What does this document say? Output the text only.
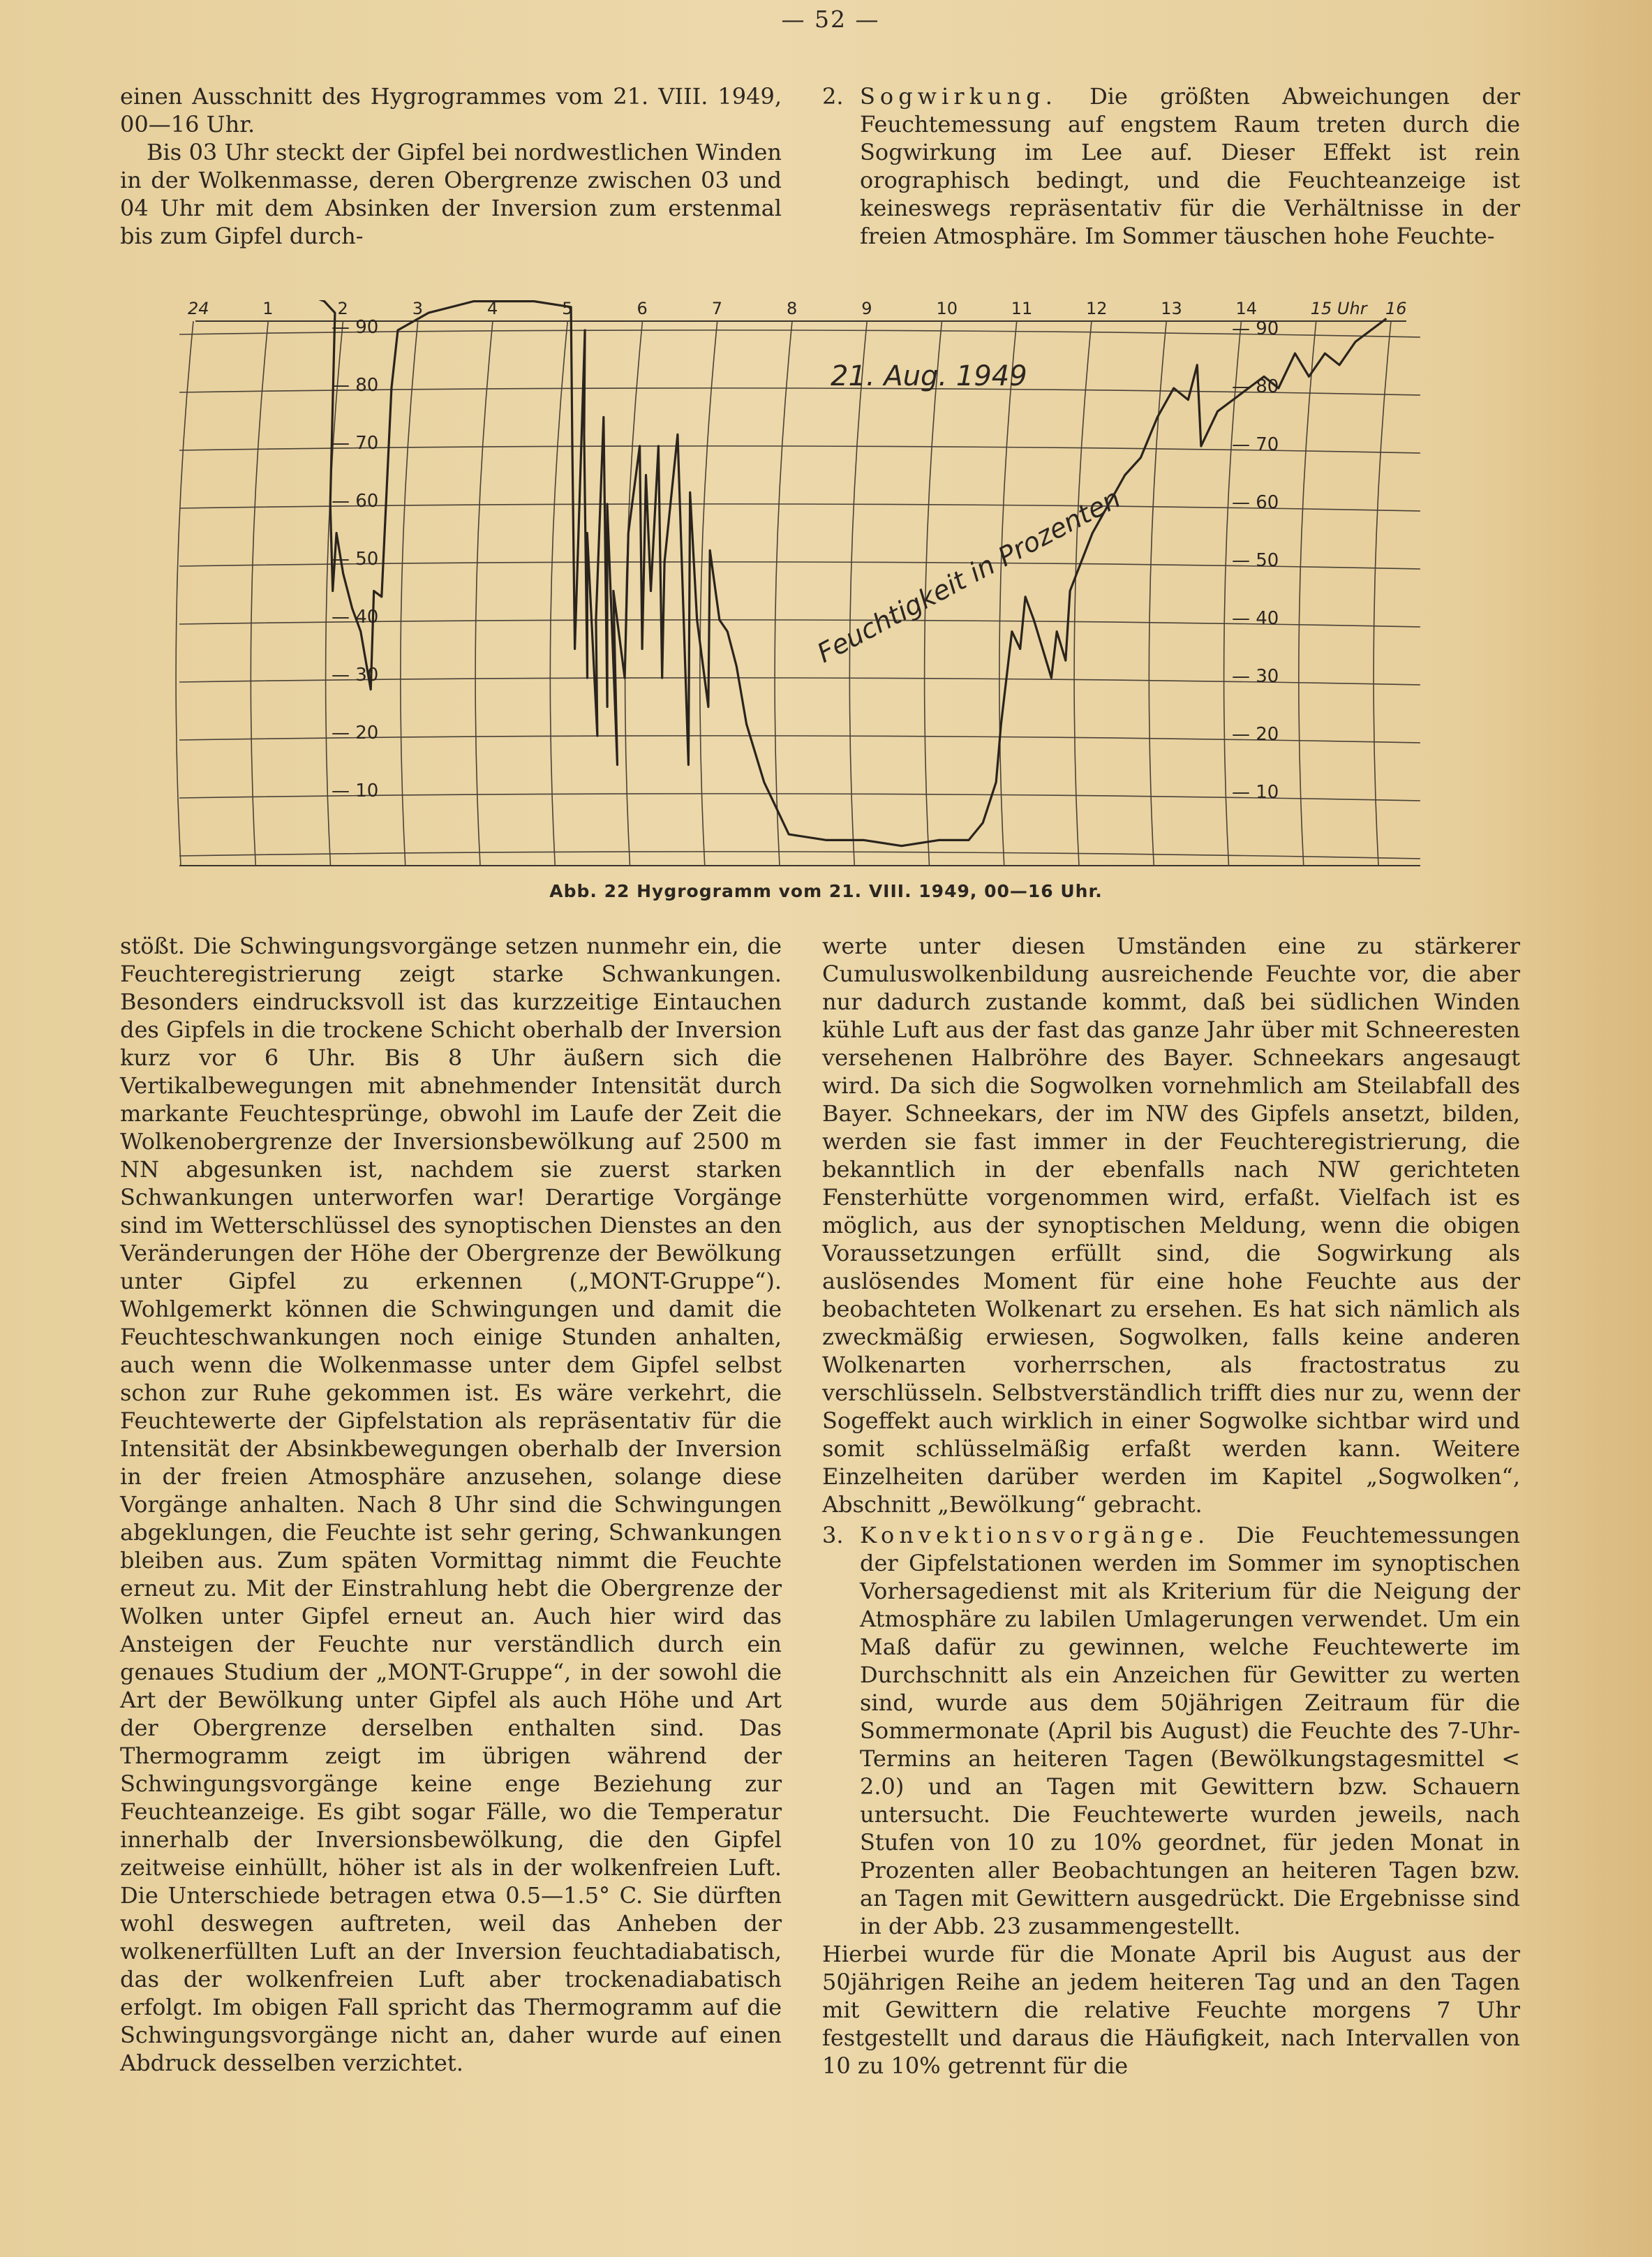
— 52 —

einen Ausschnitt des Hygrogrammes vom 21. VIII. 1949, 00—16 Uhr.

Bis 03 Uhr steckt der Gipfel bei nordwestlichen Winden in der Wolkenmasse, deren Obergrenze zwischen 03 und 04 Uhr mit dem Absinken der Inversion zum erstenmal bis zum Gipfel durch-

2. Sogwirkung. Die größten Abweichungen der Feuchtemessung auf engstem Raum treten durch die Sogwirkung im Lee auf. Dieser Effekt ist rein orographisch bedingt, und die Feuchteanzeige ist keineswegs repräsentativ für die Verhältnisse in der freien Atmosphäre. Im Sommer täuschen hohe Feuchte-
24	1	2	3	4	5	6	7	8	9	10	11	12	13	14	15 Uhr 16
— 90
— 80
— 70
— 60
— 50
— 40
— 30
— 20
— 10
— 90
— 80
— 70
— 60
— 50
— 40
— 30
— 20
— 10
21. Aug. 1949
Feuchtigkeit in Prozenten
Abb. 22 Hygrogramm vom 21. VIII. 1949, 00—16 Uhr.

stößt. Die Schwingungsvorgänge setzen nunmehr ein, die Feuchteregistrierung zeigt starke Schwankungen. Besonders eindrucksvoll ist das kurzzeitige Eintauchen des Gipfels in die trockene Schicht oberhalb der Inversion kurz vor 6 Uhr. Bis 8 Uhr äußern sich die Vertikalbewegungen mit abnehmender Intensität durch markante Feuchtesprünge, obwohl im Laufe der Zeit die Wolkenobergrenze der Inversionsbewölkung auf 2500 m NN abgesunken ist, nachdem sie zuerst starken Schwankungen unterworfen war! Derartige Vorgänge sind im Wetterschlüssel des synoptischen Dienstes an den Veränderungen der Höhe der Obergrenze der Bewölkung unter Gipfel zu erkennen („MONT-Gruppe“). Wohlgemerkt können die Schwingungen und damit die Feuchteschwankungen noch einige Stunden anhalten, auch wenn die Wolkenmasse unter dem Gipfel selbst schon zur Ruhe gekommen ist. Es wäre verkehrt, die Feuchtewerte der Gipfelstation als repräsentativ für die Intensität der Absinkbewegungen oberhalb der Inversion in der freien Atmosphäre anzusehen, solange diese Vorgänge anhalten. Nach 8 Uhr sind die Schwingungen abgeklungen, die Feuchte ist sehr gering, Schwankungen bleiben aus. Zum späten Vormittag nimmt die Feuchte erneut zu. Mit der Einstrahlung hebt die Obergrenze der Wolken unter Gipfel erneut an. Auch hier wird das Ansteigen der Feuchte nur verständlich durch ein genaues Studium der „MONT-Gruppe“, in der sowohl die Art der Bewölkung unter Gipfel als auch Höhe und Art der Obergrenze derselben enthalten sind. Das Thermogramm zeigt im übrigen während der Schwingungsvorgänge keine enge Beziehung zur Feuchteanzeige. Es gibt sogar Fälle, wo die Temperatur innerhalb der Inversionsbewölkung, die den Gipfel zeitweise einhüllt, höher ist als in der wolkenfreien Luft. Die Unterschiede betragen etwa 0.5—1.5° C. Sie dürften wohl deswegen auftreten, weil das Anheben der wolkenerfüllten Luft an der Inversion feuchtadiabatisch, das der wolkenfreien Luft aber trockenadiabatisch erfolgt. Im obigen Fall spricht das Thermogramm auf die Schwingungsvorgänge nicht an, daher wurde auf einen Abdruck desselben verzichtet.

werte unter diesen Umständen eine zu stärkerer Cumuluswolkenbildung ausreichende Feuchte vor, die aber nur dadurch zustande kommt, daß bei südlichen Winden kühle Luft aus der fast das ganze Jahr über mit Schneeresten versehenen Halbröhre des Bayer. Schneekars angesaugt wird. Da sich die Sogwolken vornehmlich am Steilabfall des Bayer. Schneekars, der im NW des Gipfels ansetzt, bilden, werden sie fast immer in der Feuchteregistrierung, die bekanntlich in der ebenfalls nach NW gerichteten Fensterhütte vorgenommen wird, erfaßt. Vielfach ist es möglich, aus der synoptischen Meldung, wenn die obigen Voraussetzungen erfüllt sind, die Sogwirkung als auslösendes Moment für eine hohe Feuchte aus der beobachteten Wolkenart zu ersehen. Es hat sich nämlich als zweckmäßig erwiesen, Sogwolken, falls keine anderen Wolkenarten vorherrschen, als fractostratus zu verschlüsseln. Selbstverständlich trifft dies nur zu, wenn der Sogeffekt auch wirklich in einer Sogwolke sichtbar wird und somit schlüsselmäßig erfaßt werden kann. Weitere Einzelheiten darüber werden im Kapitel „Sogwolken“, Abschnitt „Bewölkung“ gebracht.

3. Konvektionsvorgänge. Die Feuchtemessungen der Gipfelstationen werden im Sommer im synoptischen Vorhersagedienst mit als Kriterium für die Neigung der Atmosphäre zu labilen Umlagerungen verwendet. Um ein Maß dafür zu gewinnen, welche Feuchtewerte im Durchschnitt als ein Anzeichen für Gewitter zu werten sind, wurde aus dem 50jährigen Zeitraum für die Sommermonate (April bis August) die Feuchte des 7-Uhr-Termins an heiteren Tagen (Bewölkungstagesmittel < 2.0) und an Tagen mit Gewittern bzw. Schauern untersucht. Die Feuchtewerte wurden jeweils, nach Stufen von 10 zu 10% geordnet, für jeden Monat in Prozenten aller Beobachtungen an heiteren Tagen bzw. an Tagen mit Gewittern ausgedrückt. Die Ergebnisse sind in der Abb. 23 zusammengestellt.

Hierbei wurde für die Monate April bis August aus der 50jährigen Reihe an jedem heiteren Tag und an den Tagen mit Gewittern die relative Feuchte morgens 7 Uhr festgestellt und daraus die Häufigkeit, nach Intervallen von 10 zu 10% getrennt für die
